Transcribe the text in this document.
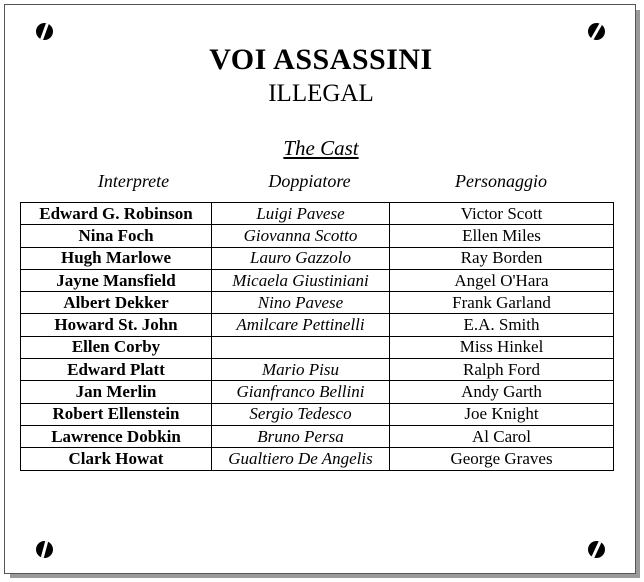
VOI ASSASSINI
ILLEGAL
The Cast
Interprete	Doppiatore	Personaggio
Edward G. Robinson	Luigi Pavese	Victor Scott
Nina Foch	Giovanna Scotto	Ellen Miles
Hugh Marlowe	Lauro Gazzolo	Ray Borden
Jayne Mansfield	Micaela Giustiniani	Angel O'Hara
Albert Dekker	Nino Pavese	Frank Garland
Howard St. John	Amilcare Pettinelli	E.A. Smith
Ellen Corby		Miss Hinkel
Edward Platt	Mario Pisu	Ralph Ford
Jan Merlin	Gianfranco Bellini	Andy Garth
Robert Ellenstein	Sergio Tedesco	Joe Knight
Lawrence Dobkin	Bruno Persa	Al Carol
Clark Howat	Gualtiero De Angelis	George Graves
